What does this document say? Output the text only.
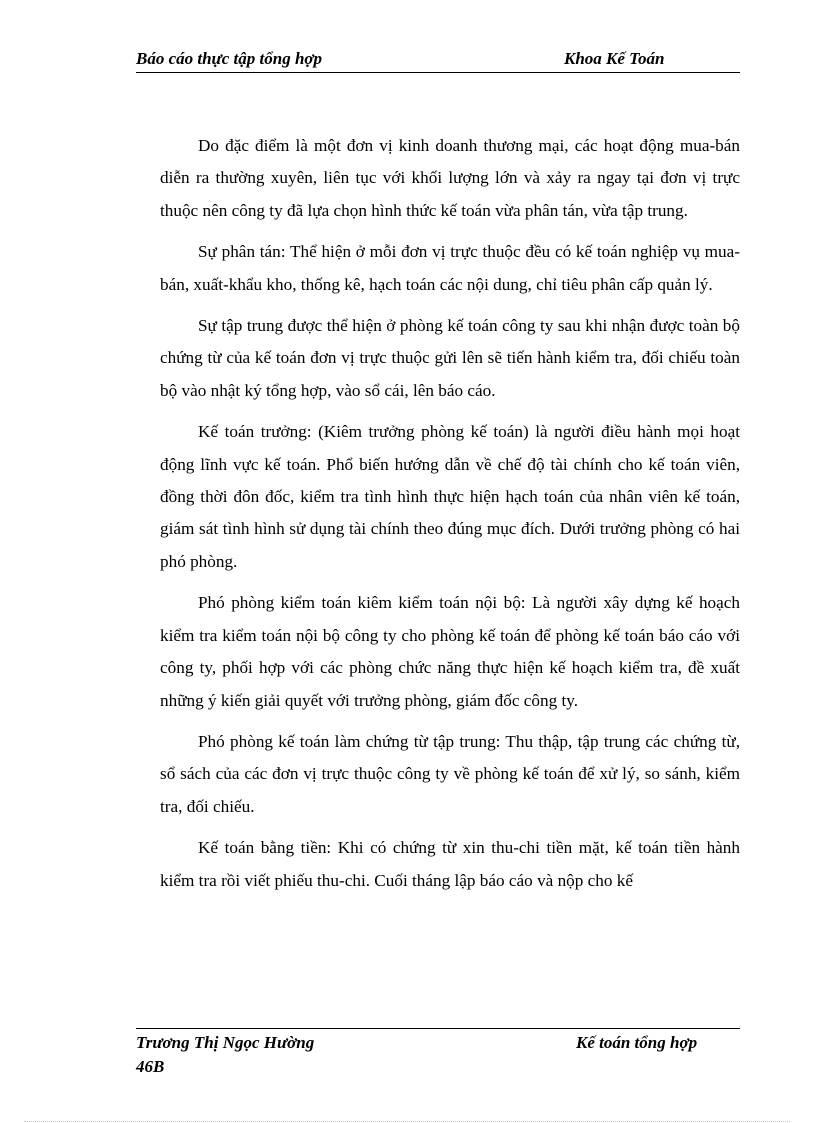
Báo cáo thực tập tổng hợp	Khoa Kế Toán

Do đặc điểm là một đơn vị kinh doanh thương mại, các hoạt động mua-bán diễn ra thường xuyên, liên tục với khối lượng lớn và xảy ra ngay tại đơn vị trực thuộc nên công ty đã lựa chọn hình thức kế toán vừa phân tán, vừa tập trung.

Sự phân tán: Thể hiện ở mỗi đơn vị trực thuộc đều có kế toán nghiệp vụ mua-bán, xuất-khẩu kho, thống kê, hạch toán các nội dung, chỉ tiêu phân cấp quản lý.

Sự tập trung được thể hiện ở phòng kế toán công ty sau khi nhận được toàn bộ chứng từ của kế toán đơn vị trực thuộc gửi lên sẽ tiến hành kiểm tra, đối chiếu toàn bộ vào nhật ký tổng hợp, vào sổ cái, lên báo cáo.

Kế toán trưởng: (Kiêm trưởng phòng kế toán) là người điều hành mọi hoạt động lĩnh vực kế toán. Phổ biến hướng dẫn về chế độ tài chính cho kế toán viên, đồng thời đôn đốc, kiểm tra tình hình thực hiện hạch toán của nhân viên kế toán, giám sát tình hình sử dụng tài chính theo đúng mục đích. Dưới trưởng phòng có hai phó phòng.

Phó phòng kiểm toán kiêm kiểm toán nội bộ: Là người xây dựng kế hoạch kiểm tra kiểm toán nội bộ công ty cho phòng kế toán để phòng kế toán báo cáo với công ty, phối hợp với các phòng chức năng thực hiện kế hoạch kiểm tra, đề xuất những ý kiến giải quyết với trưởng phòng, giám đốc công ty.

Phó phòng kế toán làm chứng từ tập trung: Thu thập, tập trung các chứng từ, sổ sách của các đơn vị trực thuộc công ty về phòng kế toán để xử lý, so sánh, kiểm tra, đối chiếu.

Kế toán bằng tiền: Khi có chứng từ xin thu-chi tiền mặt, kế toán tiền hành kiểm tra rồi viết phiếu thu-chi. Cuối tháng lập báo cáo và nộp cho kế

Trương Thị Ngọc Hường
46B
Kế toán tổng hợp
